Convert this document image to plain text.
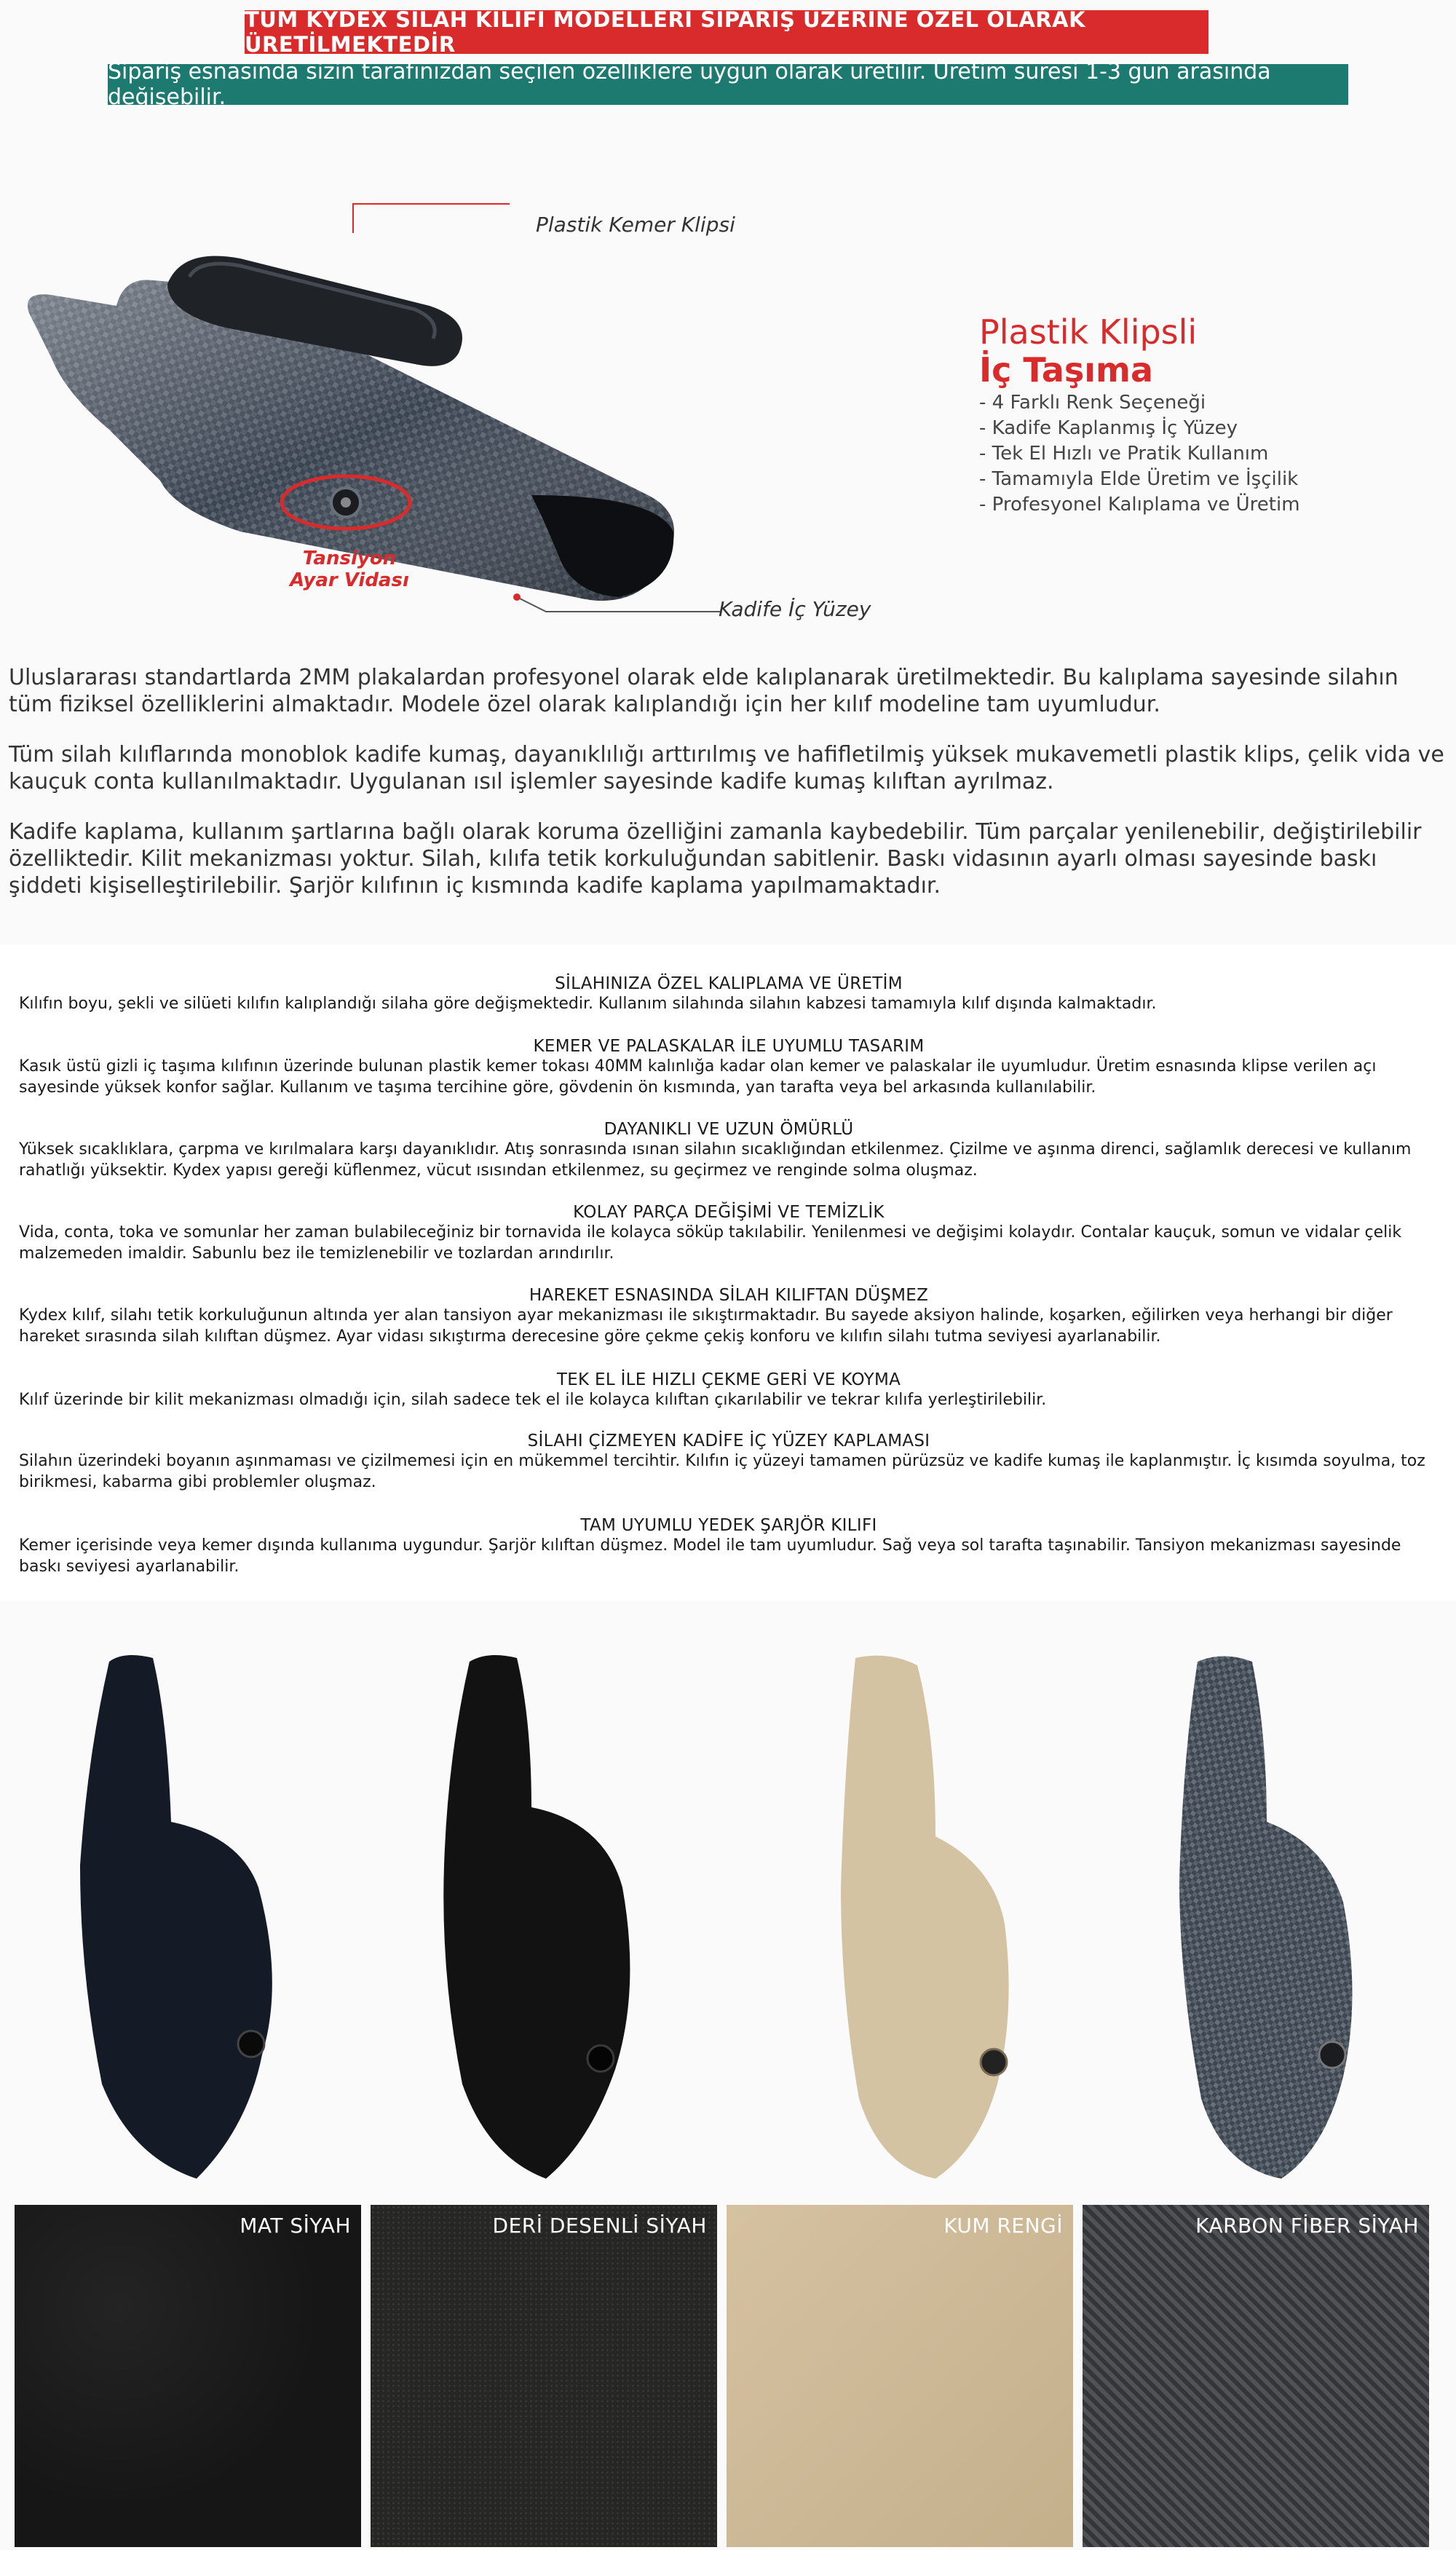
TÜM KYDEX SİLAH KILIFI MODELLERİ SİPARİŞ ÜZERİNE ÖZEL OLARAK ÜRETİLMEKTEDİR
Sipariş esnasında sizin tarafınızdan seçilen özelliklere uygun olarak üretilir. Üretim süresi 1-3 gün arasında değişebilir.
Plastik Kemer Klipsi
Tansiyon
Ayar Vidası
Kadife İç Yüzey
Plastik Klipsli
İç Taşıma
- 4 Farklı Renk Seçeneği
- Kadife Kaplanmış İç Yüzey
- Tek El Hızlı ve Pratik Kullanım
- Tamamıyla Elde Üretim ve İşçilik
- Profesyonel Kalıplama ve Üretim

Uluslararası standartlarda 2MM plakalardan profesyonel olarak elde kalıplanarak üretilmektedir. Bu kalıplama sayesinde silahın tüm fiziksel özelliklerini almaktadır. Modele özel olarak kalıplandığı için her kılıf modeline tam uyumludur.

Tüm silah kılıflarında monoblok kadife kumaş, dayanıklılığı arttırılmış ve hafifletilmiş yüksek mukavemetli plastik klips, çelik vida ve kauçuk conta kullanılmaktadır. Uygulanan ısıl işlemler sayesinde kadife kumaş kılıftan ayrılmaz.

Kadife kaplama, kullanım şartlarına bağlı olarak koruma özelliğini zamanla kaybedebilir. Tüm parçalar yenilenebilir, değiştirilebilir özelliktedir. Kilit mekanizması yoktur. Silah, kılıfa tetik korkuluğundan sabitlenir. Baskı vidasının ayarlı olması sayesinde baskı şiddeti kişiselleştirilebilir. Şarjör kılıfının iç kısmında kadife kaplama yapılmamaktadır.

SİLAHINIZA ÖZEL KALIPLAMA VE ÜRETİM
Kılıfın boyu, şekli ve silüeti kılıfın kalıplandığı silaha göre değişmektedir. Kullanım silahında silahın kabzesi tamamıyla kılıf dışında kalmaktadır.
KEMER VE PALASKALAR İLE UYUMLU TASARIM
Kasık üstü gizli iç taşıma kılıfının üzerinde bulunan plastik kemer tokası 40MM kalınlığa kadar olan kemer ve palaskalar ile uyumludur. Üretim esnasında klipse verilen açı sayesinde yüksek konfor sağlar. Kullanım ve taşıma tercihine göre, gövdenin ön kısmında, yan tarafta veya bel arkasında kullanılabilir.
DAYANIKLI VE UZUN ÖMÜRLÜ
Yüksek sıcaklıklara, çarpma ve kırılmalara karşı dayanıklıdır. Atış sonrasında ısınan silahın sıcaklığından etkilenmez. Çizilme ve aşınma direnci, sağlamlık derecesi ve kullanım rahatlığı yüksektir. Kydex yapısı gereği küflenmez, vücut ısısından etkilenmez, su geçirmez ve renginde solma oluşmaz.
KOLAY PARÇA DEĞİŞİMİ VE TEMİZLİK
Vida, conta, toka ve somunlar her zaman bulabileceğiniz bir tornavida ile kolayca söküp takılabilir. Yenilenmesi ve değişimi kolaydır. Contalar kauçuk, somun ve vidalar çelik malzemeden imaldir. Sabunlu bez ile temizlenebilir ve tozlardan arındırılır.
HAREKET ESNASINDA SİLAH KILIFTAN DÜŞMEZ
Kydex kılıf, silahı tetik korkuluğunun altında yer alan tansiyon ayar mekanizması ile sıkıştırmaktadır. Bu sayede aksiyon halinde, koşarken, eğilirken veya herhangi bir diğer hareket sırasında silah kılıftan düşmez. Ayar vidası sıkıştırma derecesine göre çekme çekiş konforu ve kılıfın silahı tutma seviyesi ayarlanabilir.
TEK EL İLE HIZLI ÇEKME GERİ VE KOYMA
Kılıf üzerinde bir kilit mekanizması olmadığı için, silah sadece tek el ile kolayca kılıftan çıkarılabilir ve tekrar kılıfa yerleştirilebilir.
SİLAHI ÇİZMEYEN KADİFE İÇ YÜZEY KAPLAMASI
Silahın üzerindeki boyanın aşınmaması ve çizilmemesi için en mükemmel tercihtir. Kılıfın iç yüzeyi tamamen pürüzsüz ve kadife kumaş ile kaplanmıştır. İç kısımda soyulma, toz birikmesi, kabarma gibi problemler oluşmaz.
TAM UYUMLU YEDEK ŞARJÖR KILIFI
Kemer içerisinde veya kemer dışında kullanıma uygundur. Şarjör kılıftan düşmez. Model ile tam uyumludur. Sağ veya sol tarafta taşınabilir. Tansiyon mekanizması sayesinde baskı seviyesi ayarlanabilir.
MAT SİYAH	DERİ DESENLİ SİYAH	KUM RENGİ	KARBON FİBER SİYAH
